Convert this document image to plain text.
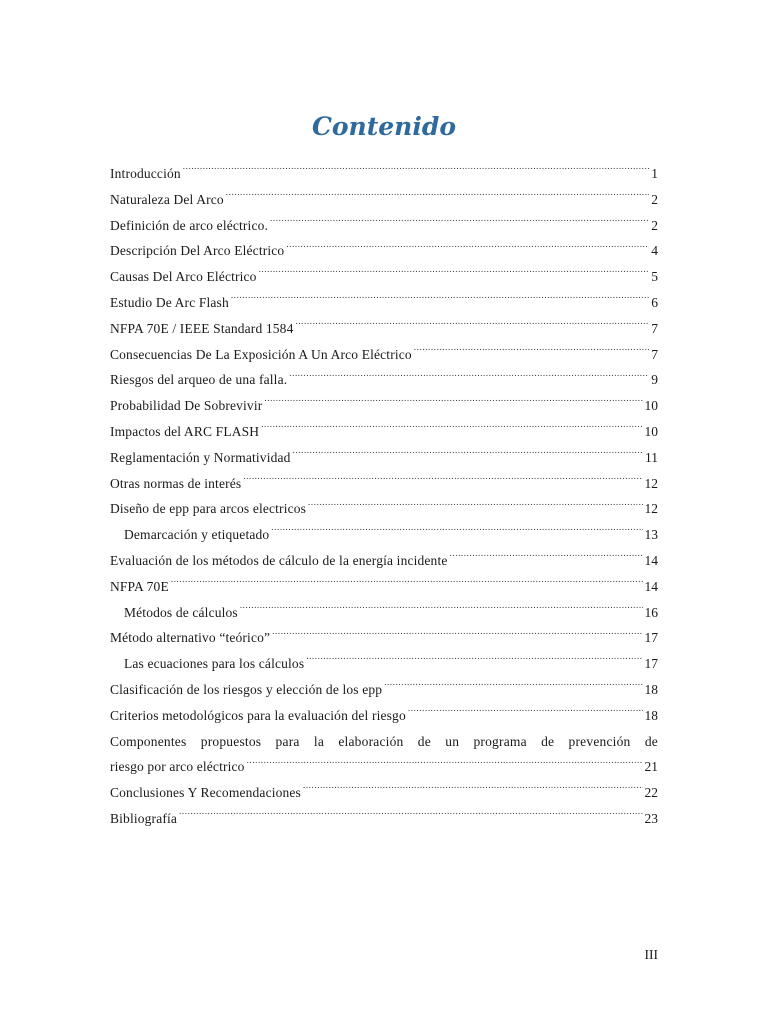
Contenido
Introducción .....	1
Naturaleza Del Arco .....	2
Definición de arco eléctrico. .....	2
Descripción Del Arco Eléctrico .....	4
Causas Del Arco Eléctrico .....	5
Estudio De Arc Flash .....	6
NFPA 70E / IEEE Standard 1584 .....	7
Consecuencias De La Exposición A Un Arco Eléctrico .....	7
Riesgos del arqueo de una falla. .....	9
Probabilidad De Sobrevivir .....	10
Impactos del ARC FLASH .....	10
Reglamentación y Normatividad .....	11
Otras normas de interés .....	12
Diseño de epp para arcos electricos .....	12
Demarcación y etiquetado .....	13
Evaluación de los métodos de cálculo de la energía incidente .....	14
NFPA 70E .....	14
Métodos de cálculos .....	16
Método alternativo “teórico” .....	17
Las ecuaciones para los cálculos .....	17
Clasificación de los riesgos y elección de los epp .....	18
Criterios metodológicos para la evaluación del riesgo .....	18
Componentes propuestos para la elaboración de un programa de prevención de
riesgo por arco eléctrico .....	21
Conclusiones Y Recomendaciones .....	22
Bibliografía .....	23
III
